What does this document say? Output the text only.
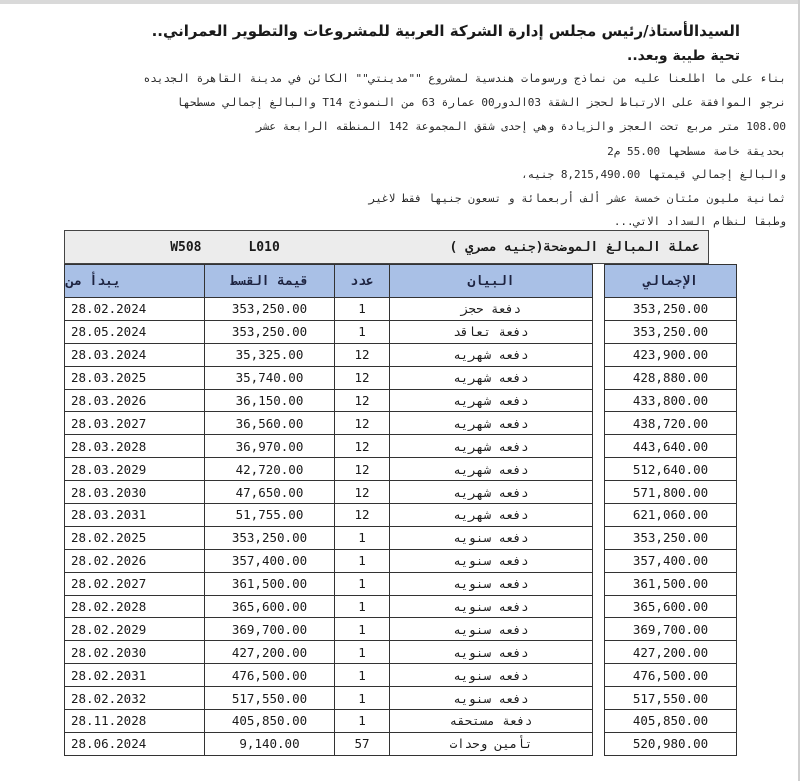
السيدالأستاذ/رئيس مجلس إدارة الشركة العربية للمشروعات والتطوير العمراني..
تحية طيبة وبعد..
بناء على ما اطلعنا عليه من نماذج ورسومات هندسية لمشروع ""مدينتي"" الكائن في مدينة القاهرة الجديده
نرجو الموافقة على الارتباط لحجز الشقة 03الدور00 عمارة 63 من النموذج T14 والبالغ إجمالي مسطحها
108.00 متر مربع تحت العجز والزيادة وهي إحدى شقق المجموعة 142 المنطقه الرابعة عشر
بحديقة خاصة مسطحها 55.00 م2
والبالغ إجمالي قيمتها 8,215,490.00 جنيه،
ثمانية مليون مئتان خمسة عشر ألف أربعمائة و تسعون جنيها فقط لاغير
وطبقا لنظام السداد الاتي...
W508      L010	عملة المبالغ الموضحة(جنيه مصري )
يبدأ من	قيمة القسط	عدد	البيان		الإجمالي
28.02.2024	353,250.00	1	دفعة حجز		353,250.00
28.05.2024	353,250.00	1	دفعة تعاقد		353,250.00
28.03.2024	35,325.00	12	دفعه شهريه		423,900.00
28.03.2025	35,740.00	12	دفعه شهريه		428,880.00
28.03.2026	36,150.00	12	دفعه شهريه		433,800.00
28.03.2027	36,560.00	12	دفعه شهريه		438,720.00
28.03.2028	36,970.00	12	دفعه شهريه		443,640.00
28.03.2029	42,720.00	12	دفعه شهريه		512,640.00
28.03.2030	47,650.00	12	دفعه شهريه		571,800.00
28.03.2031	51,755.00	12	دفعه شهريه		621,060.00
28.02.2025	353,250.00	1	دفعه سنويه		353,250.00
28.02.2026	357,400.00	1	دفعه سنويه		357,400.00
28.02.2027	361,500.00	1	دفعه سنويه		361,500.00
28.02.2028	365,600.00	1	دفعه سنويه		365,600.00
28.02.2029	369,700.00	1	دفعه سنويه		369,700.00
28.02.2030	427,200.00	1	دفعه سنويه		427,200.00
28.02.2031	476,500.00	1	دفعه سنويه		476,500.00
28.02.2032	517,550.00	1	دفعه سنويه		517,550.00
28.11.2028	405,850.00	1	دفعة مستحقه		405,850.00
28.06.2024	9,140.00	57	تأمين وحدات		520,980.00
